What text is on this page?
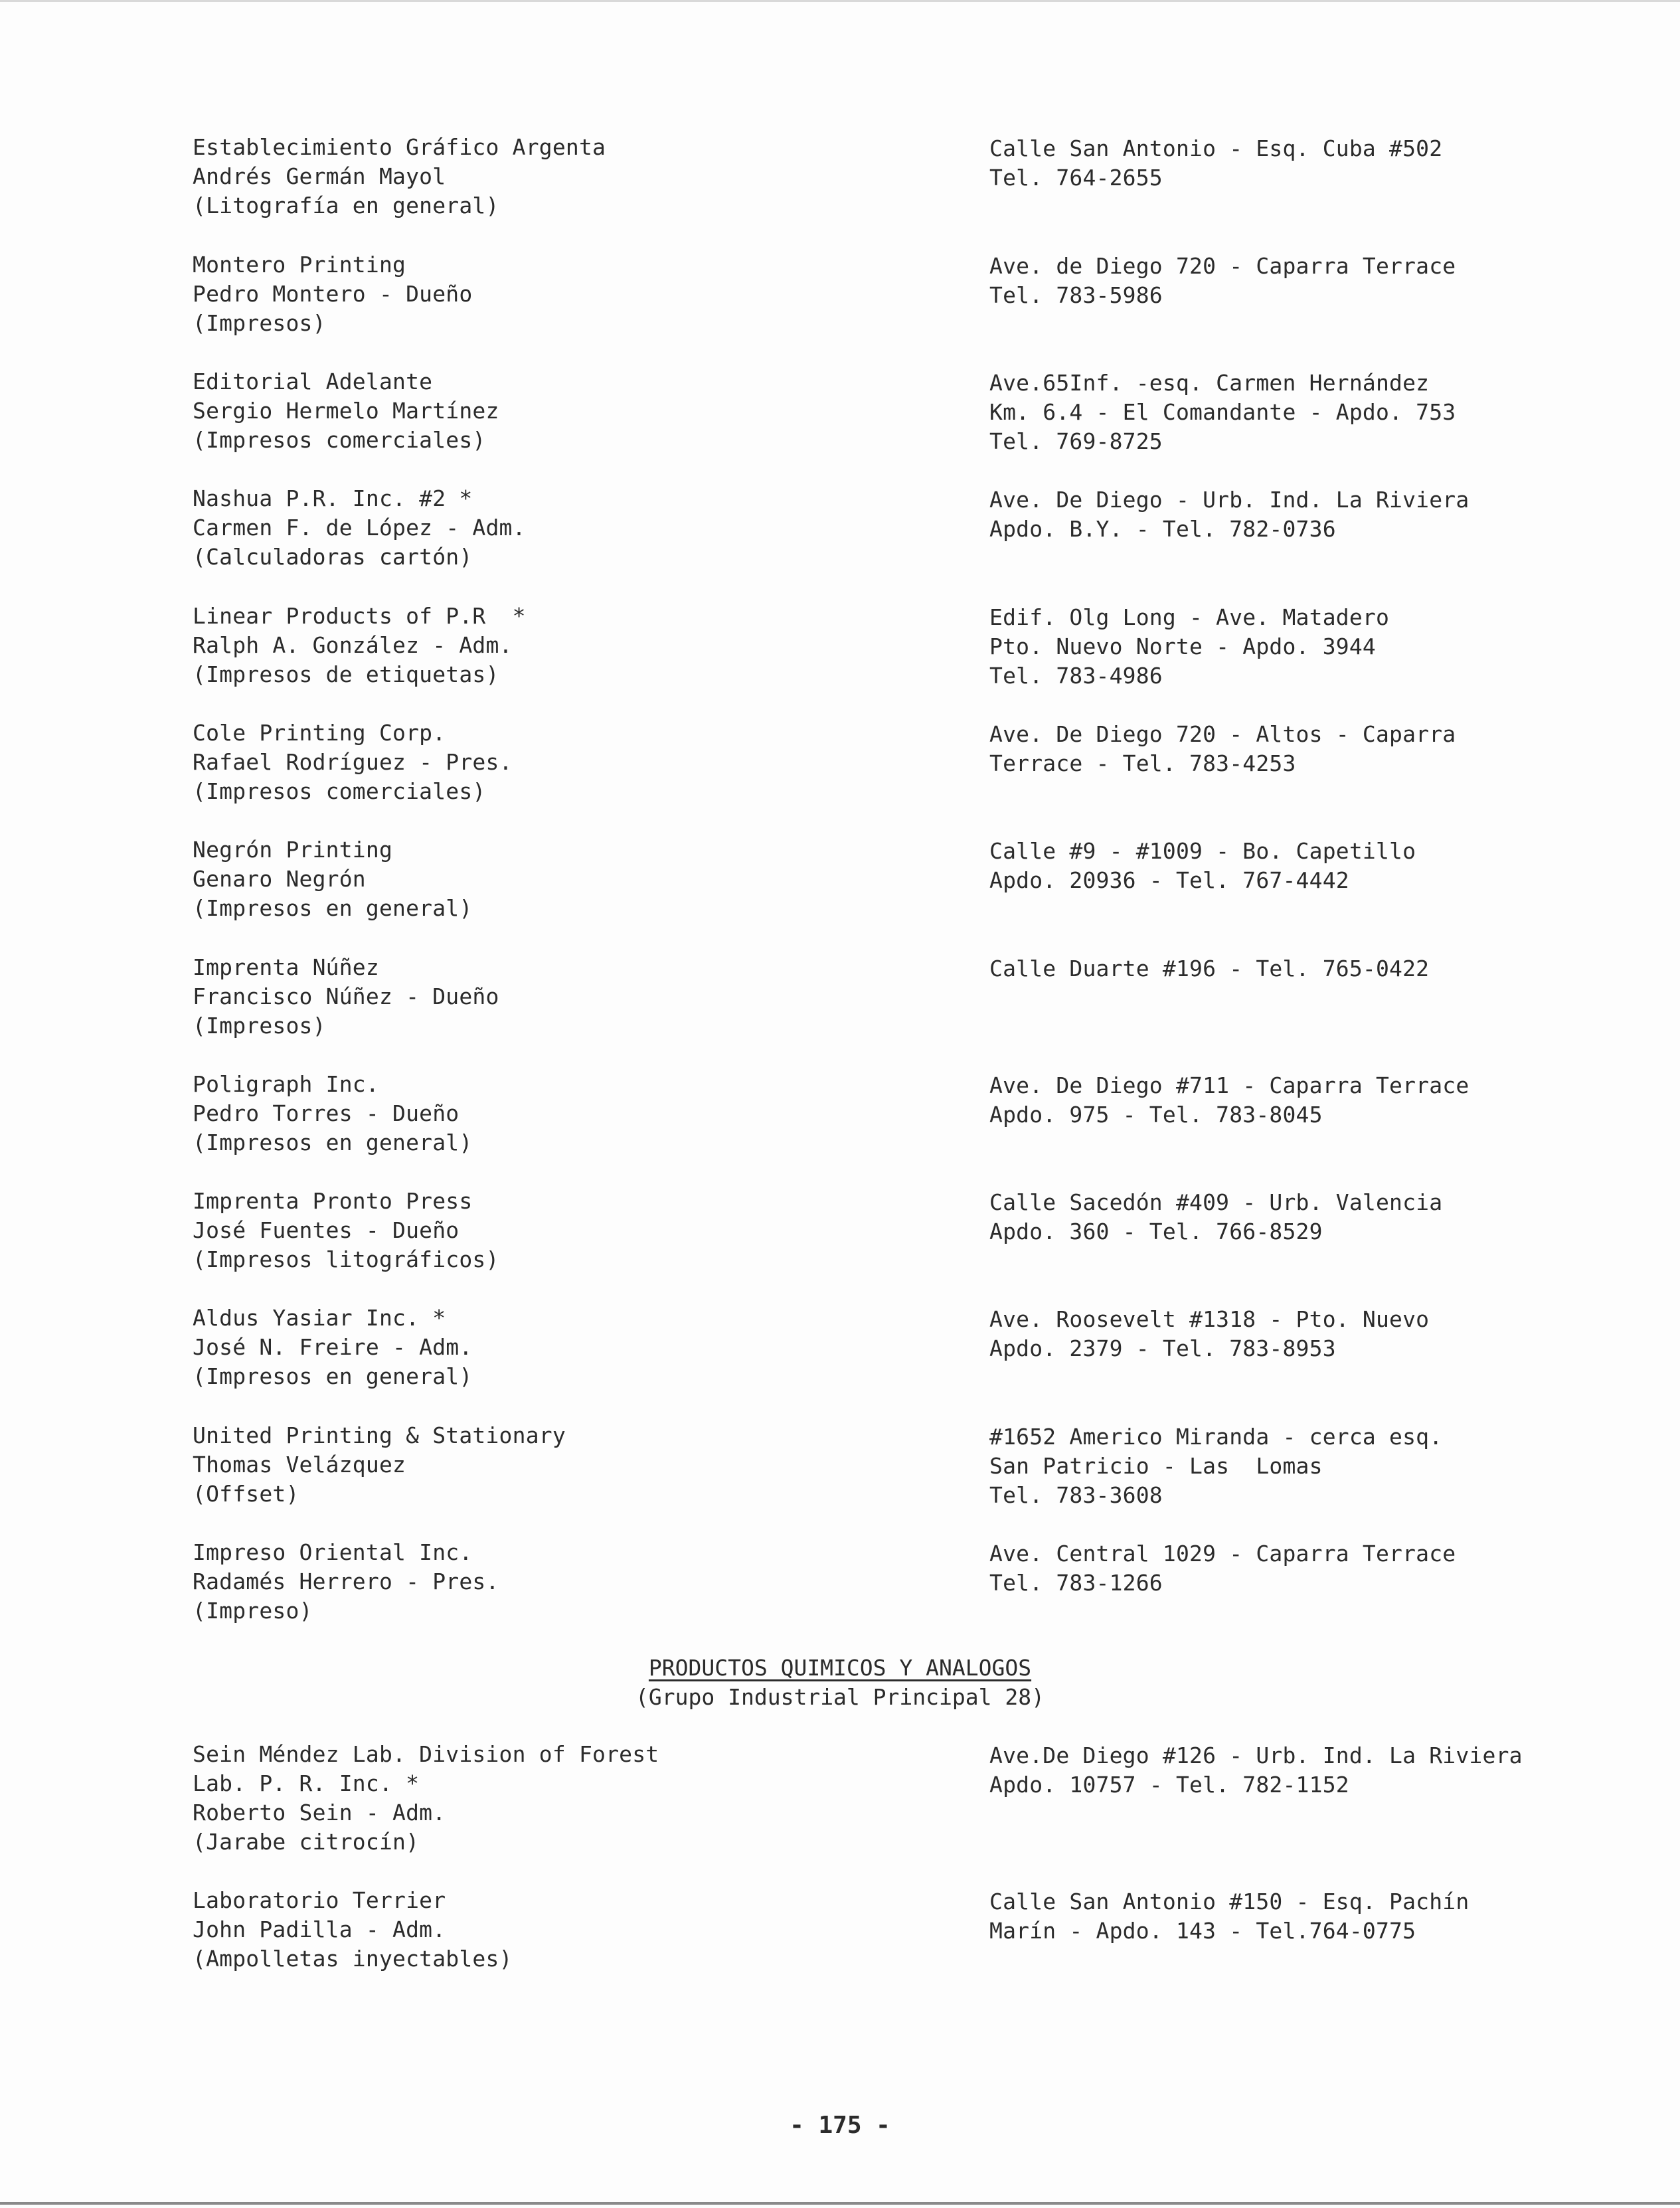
Establecimiento Gráfico Argenta
Andrés Germán Mayol
(Litografía en general)
Calle San Antonio - Esq. Cuba #502
Tel. 764-2655
Montero Printing
Pedro Montero - Dueño
(Impresos)
Ave. de Diego 720 - Caparra Terrace
Tel. 783-5986
Editorial Adelante
Sergio Hermelo Martínez
(Impresos comerciales)
Ave.65Inf. -esq. Carmen Hernández
Km. 6.4 - El Comandante - Apdo. 753
Tel. 769-8725
Nashua P.R. Inc. #2 *
Carmen F. de López - Adm.
(Calculadoras cartón)
Ave. De Diego - Urb. Ind. La Riviera
Apdo. B.Y. - Tel. 782-0736
Linear Products of P.R  *
Ralph A. González - Adm.
(Impresos de etiquetas)
Edif. Olg Long - Ave. Matadero
Pto. Nuevo Norte - Apdo. 3944
Tel. 783-4986
Cole Printing Corp.
Rafael Rodríguez - Pres.
(Impresos comerciales)
Ave. De Diego 720 - Altos - Caparra
Terrace - Tel. 783-4253
Negrón Printing
Genaro Negrón
(Impresos en general)
Calle #9 - #1009 - Bo. Capetillo
Apdo. 20936 - Tel. 767-4442
Imprenta Núñez
Francisco Núñez - Dueño
(Impresos)
Calle Duarte #196 - Tel. 765-0422
Poligraph Inc.
Pedro Torres - Dueño
(Impresos en general)
Ave. De Diego #711 - Caparra Terrace
Apdo. 975 - Tel. 783-8045
Imprenta Pronto Press
José Fuentes - Dueño
(Impresos litográficos)
Calle Sacedón #409 - Urb. Valencia
Apdo. 360 - Tel. 766-8529
Aldus Yasiar Inc. *
José N. Freire - Adm.
(Impresos en general)
Ave. Roosevelt #1318 - Pto. Nuevo
Apdo. 2379 - Tel. 783-8953
United Printing & Stationary
Thomas Velázquez
(Offset)
#1652 Americo Miranda - cerca esq.
San Patricio - Las  Lomas
Tel. 783-3608
Impreso Oriental Inc.
Radamés Herrero - Pres.
(Impreso)
Ave. Central 1029 - Caparra Terrace
Tel. 783-1266
PRODUCTOS QUIMICOS Y ANALOGOS
(Grupo Industrial Principal 28)
Sein Méndez Lab. Division of Forest
Lab. P. R. Inc. *
Roberto Sein - Adm.
(Jarabe citrocín)
Ave.De Diego #126 - Urb. Ind. La Riviera
Apdo. 10757 - Tel. 782-1152
Laboratorio Terrier
John Padilla - Adm.
(Ampolletas inyectables)
Calle San Antonio #150 - Esq. Pachín
Marín - Apdo. 143 - Tel.764-0775
- 175 -
